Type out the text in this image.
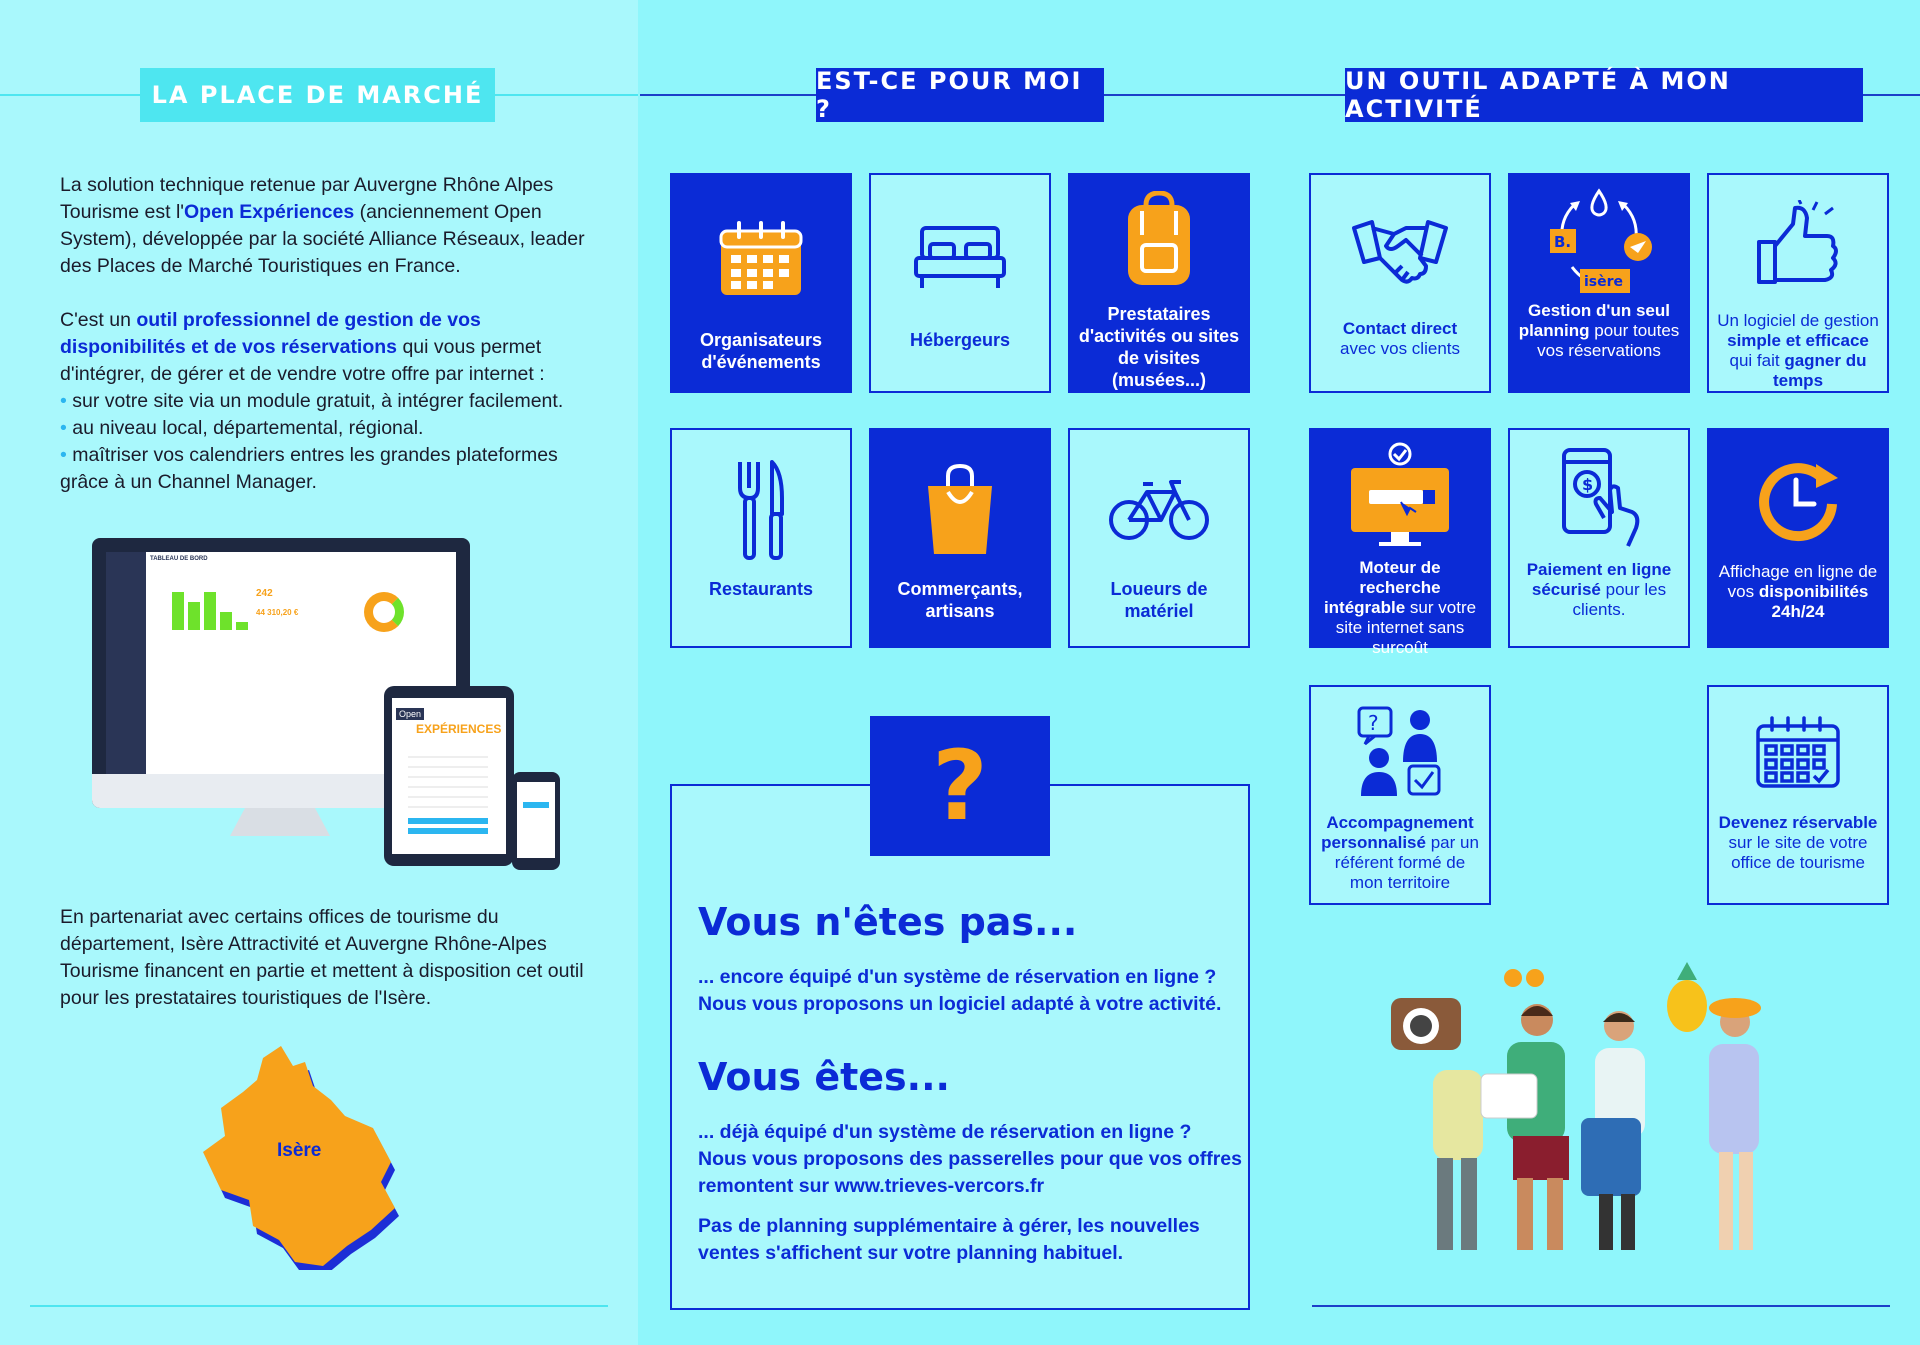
LA PLACE DE MARCHÉ	EST-CE POUR MOI ?
UN OUTIL ADAPTÉ À MON ACTIVITÉ
La solution technique retenue par Auvergne Rhône Alpes Tourisme est l'Open Expériences (anciennement Open System), développée par la société Alliance Réseaux, leader des Places de Marché Touristiques en France.
C'est un outil professionnel de gestion de vos disponibilités et de vos réservations qui vous permet d'intégrer, de gérer et de vendre votre offre par internet :
• sur votre site via un module gratuit, à intégrer facilement.
• au niveau local, départemental, régional.
• maîtriser vos calendriers entres les grandes plateformes grâce à un Channel Manager.
TABLEAU DE BORD
242
44 310,20 €
Open
EXPÉRIENCES
En partenariat avec certains offices de tourisme du département, Isère Attractivité et Auvergne Rhône-Alpes Tourisme financent en partie et mettent à disposition cet outil pour les prestataires touristiques de l'Isère.
Isère
Organisateurs d'événements
Hébergeurs
Prestataires d'activités ou sites de visites (musées...)
Restaurants	Commerçants, artisans
Loueurs de matériel
?
Vous n'êtes pas...
... encore équipé d'un système de réservation en ligne ?
Nous vous proposons un logiciel adapté à votre activité.
Vous êtes...
... déjà équipé d'un système de réservation en ligne ?
Nous vous proposons des passerelles pour que vos offres
remontent sur www.trieves-vercors.fr
Pas de planning supplémentaire à gérer, les nouvelles
ventes s'affichent sur votre planning habituel.
Contact direct
avec vos clients
B.
isère
Gestion d'un seul planning pour toutes vos réservations
Un logiciel de gestion simple et efficace qui fait gagner du temps
Moteur de recherche intégrable sur votre site internet sans surcoût
$
Paiement en ligne sécurisé pour les clients.
Affichage en ligne de vos disponibilités 24h/24
?
Accompagnement personnalisé par un référent formé de mon territoire
Devenez réservable sur le site de votre office de tourisme
